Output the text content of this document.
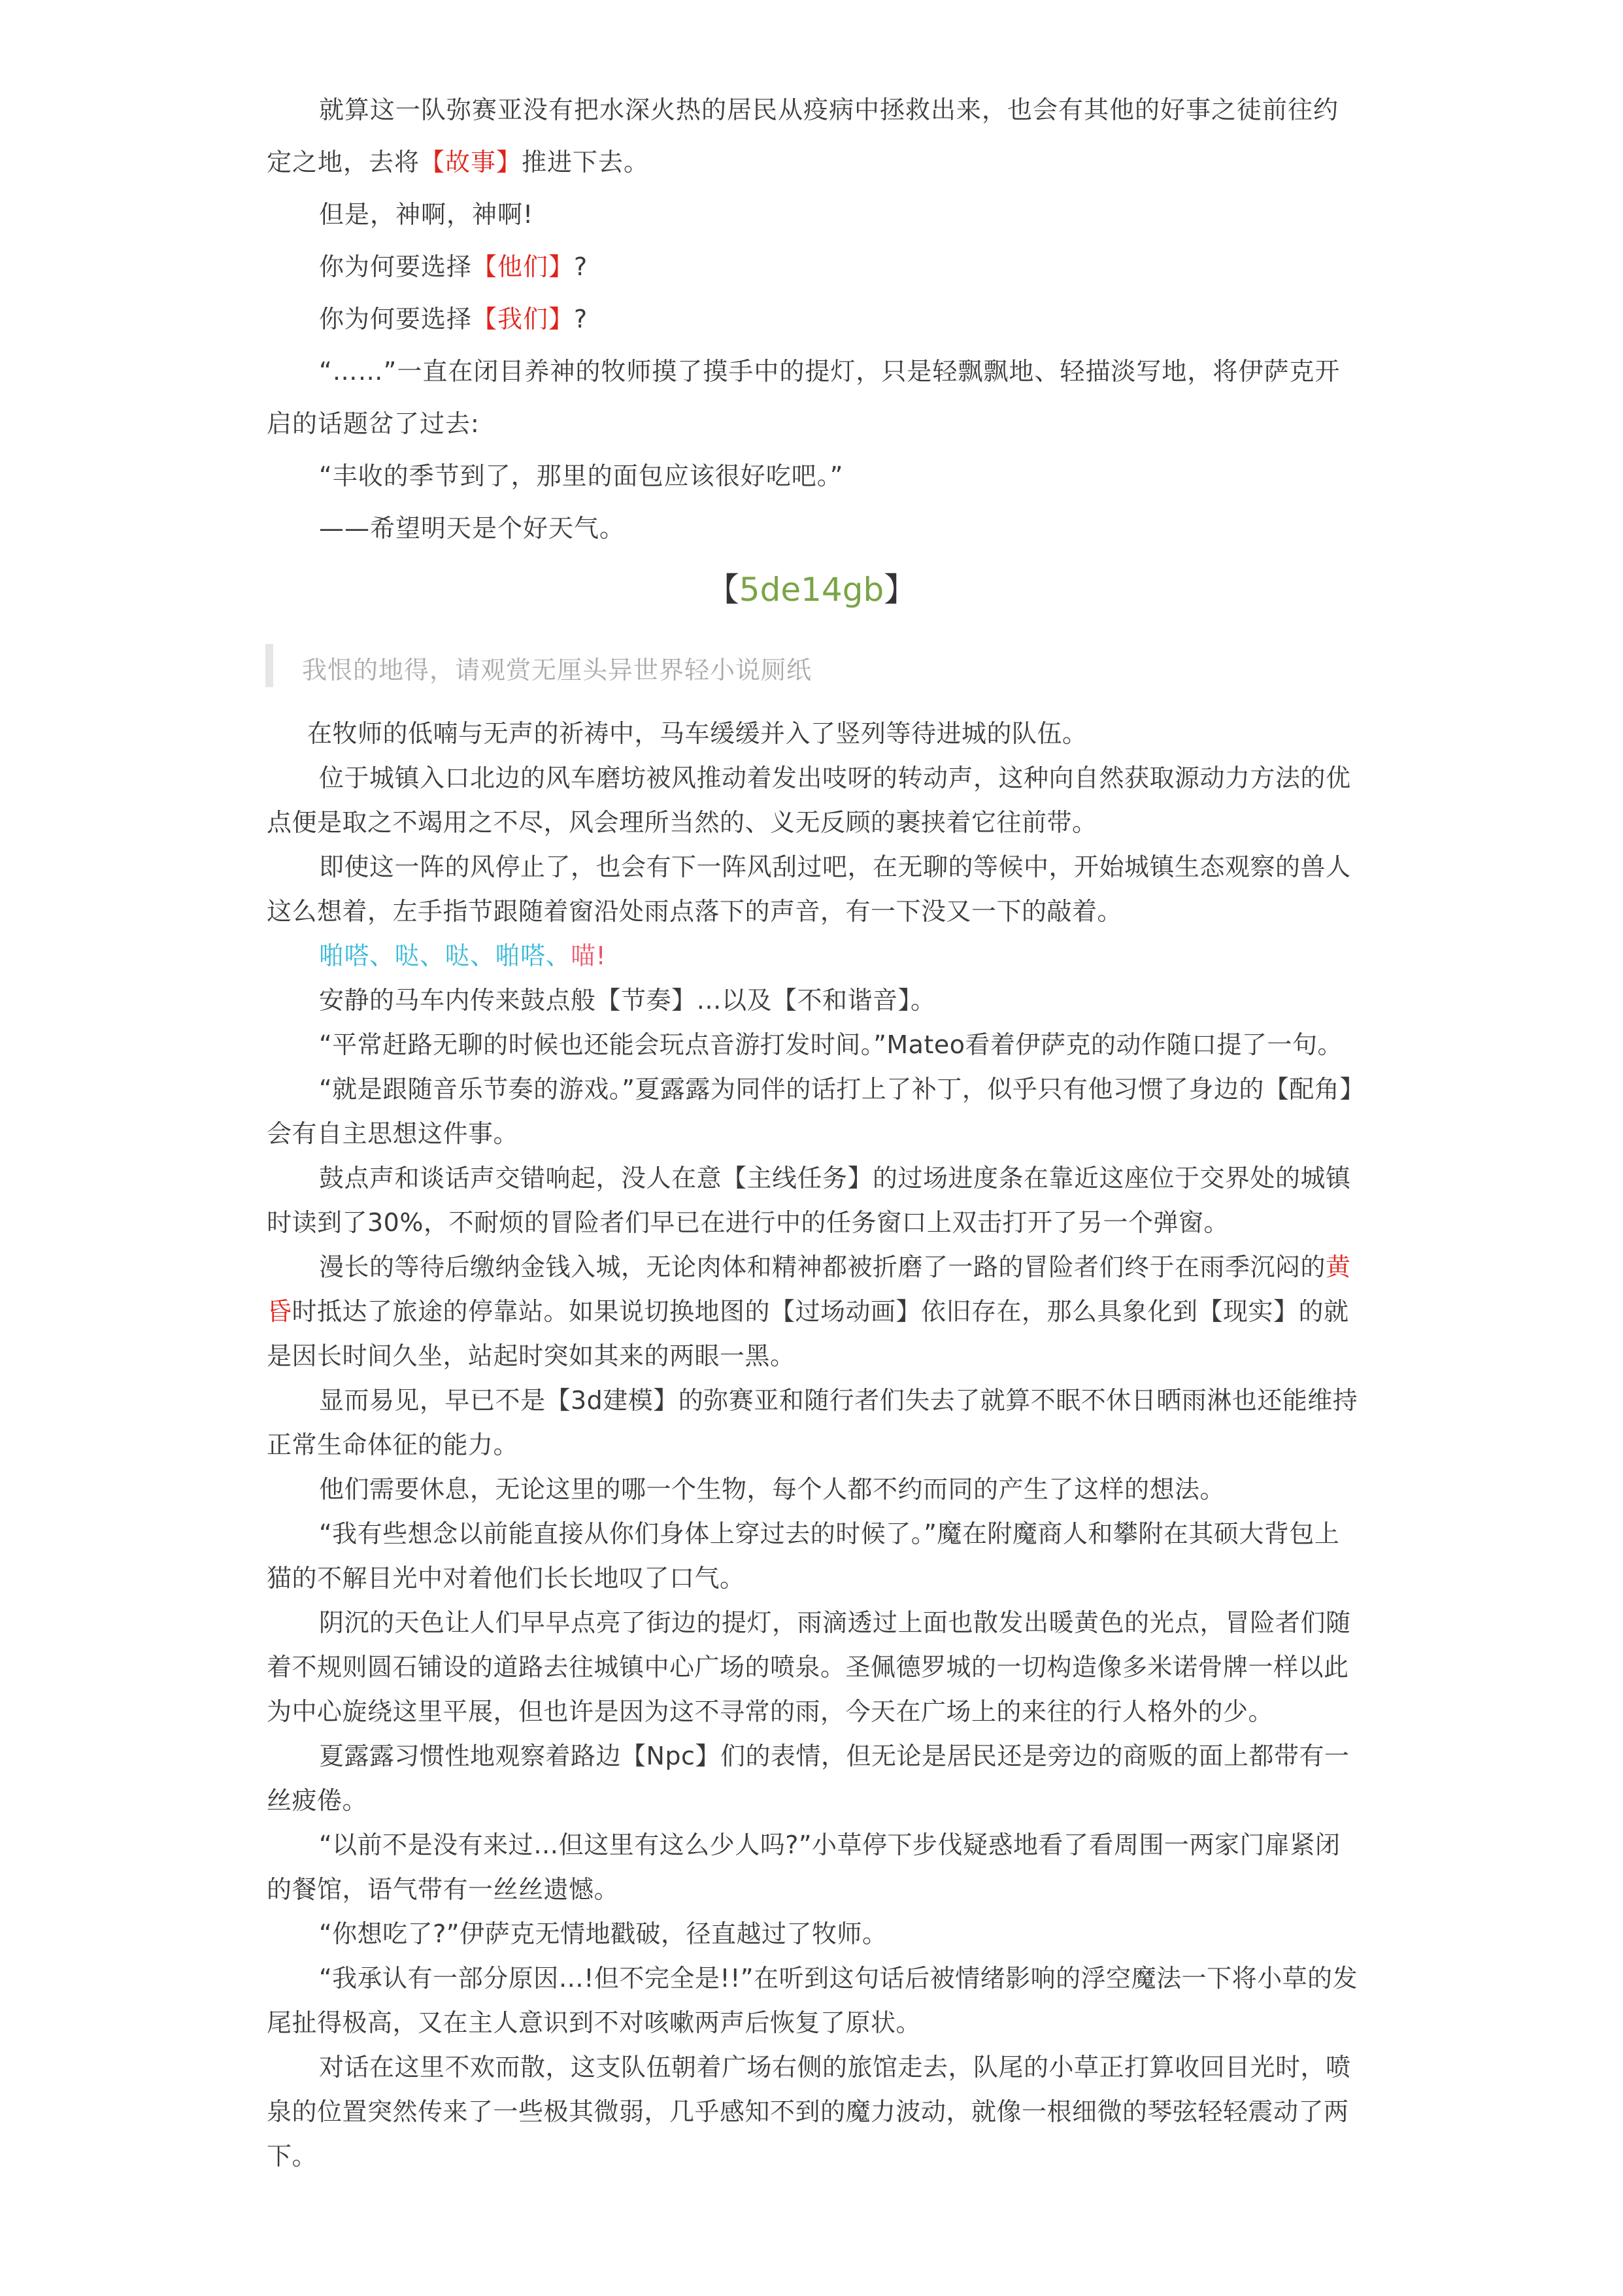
就算这一队弥赛亚没有把水深火热的居民从疫病中拯救出来，也会有其他的好事之徒前往约定之地，去将【故事】推进下去。

但是，神啊，神啊!

你为何要选择【他们】?

你为何要选择【我们】?

“……”一直在闭目养神的牧师摸了摸手中的提灯，只是轻飘飘地、轻描淡写地，将伊萨克开启的话题岔了过去:

“丰收的季节到了，那里的面包应该很好吃吧。”

——希望明天是个好天气。

【5de14gb】
我恨的地得，请观赏无厘头异世界轻小说厕纸

在牧师的低喃与无声的祈祷中，马车缓缓并入了竖列等待进城的队伍。

位于城镇入口北边的风车磨坊被风推动着发出吱呀的转动声，这种向自然获取源动力方法的优点便是取之不竭用之不尽，风会理所当然的、义无反顾的裹挟着它往前带。

即使这一阵的风停止了，也会有下一阵风刮过吧，在无聊的等候中，开始城镇生态观察的兽人这么想着，左手指节跟随着窗沿处雨点落下的声音，有一下没又一下的敲着。

啪嗒、哒、哒、啪嗒、喵!

安静的马车内传来鼓点般【节奏】…以及【不和谐音】。

“平常赶路无聊的时候也还能会玩点音游打发时间。”Mateo看着伊萨克的动作随口提了一句。

“就是跟随音乐节奏的游戏。”夏露露为同伴的话打上了补丁，似乎只有他习惯了身边的【配角】会有自主思想这件事。

鼓点声和谈话声交错响起，没人在意【主线任务】的过场进度条在靠近这座位于交界处的城镇时读到了30%，不耐烦的冒险者们早已在进行中的任务窗口上双击打开了另一个弹窗。

漫长的等待后缴纳金钱入城，无论肉体和精神都被折磨了一路的冒险者们终于在雨季沉闷的黄昏时抵达了旅途的停靠站。如果说切换地图的【过场动画】依旧存在，那么具象化到【现实】的就是因长时间久坐，站起时突如其来的两眼一黑。

显而易见，早已不是【3d建模】的弥赛亚和随行者们失去了就算不眠不休日晒雨淋也还能维持正常生命体征的能力。

他们需要休息，无论这里的哪一个生物，每个人都不约而同的产生了这样的想法。

“我有些想念以前能直接从你们身体上穿过去的时候了。”魔在附魔商人和攀附在其硕大背包上猫的不解目光中对着他们长长地叹了口气。

阴沉的天色让人们早早点亮了街边的提灯，雨滴透过上面也散发出暖黄色的光点，冒险者们随着不规则圆石铺设的道路去往城镇中心广场的喷泉。圣佩德罗城的一切构造像多米诺骨牌一样以此为中心旋绕这里平展，但也许是因为这不寻常的雨，今天在广场上的来往的行人格外的少。

夏露露习惯性地观察着路边【Npc】们的表情，但无论是居民还是旁边的商贩的面上都带有一丝疲倦。

“以前不是没有来过…但这里有这么少人吗?”小草停下步伐疑惑地看了看周围一两家门扉紧闭的餐馆，语气带有一丝丝遗憾。

“你想吃了?”伊萨克无情地戳破，径直越过了牧师。

“我承认有一部分原因…!但不完全是!!”在听到这句话后被情绪影响的浮空魔法一下将小草的发尾扯得极高，又在主人意识到不对咳嗽两声后恢复了原状。

对话在这里不欢而散，这支队伍朝着广场右侧的旅馆走去，队尾的小草正打算收回目光时，喷泉的位置突然传来了一些极其微弱，几乎感知不到的魔力波动，就像一根细微的琴弦轻轻震动了两下。
